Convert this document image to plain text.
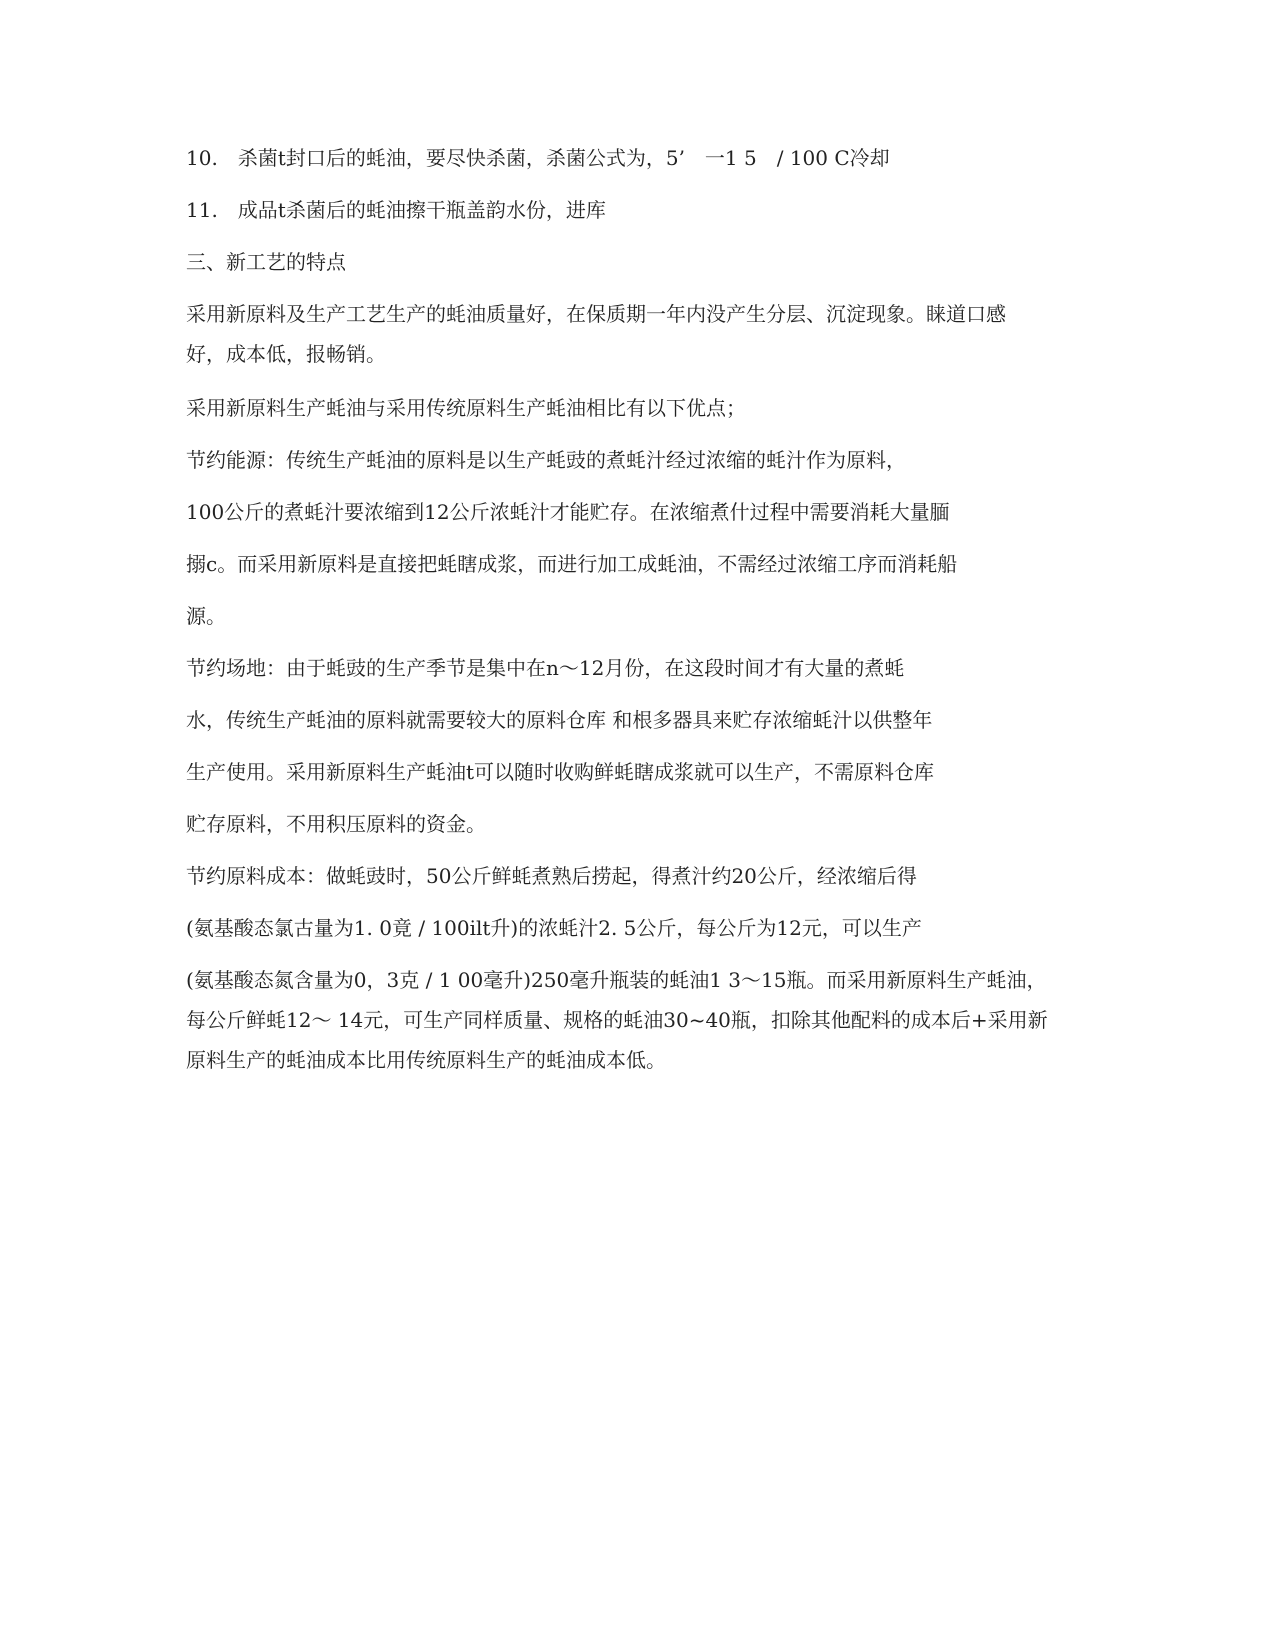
10.　杀菌t封口后的蚝油，要尽快杀菌，杀菌公式为，5’　一1 5　/ 100 C冷却
11.　成品t杀菌后的蚝油擦干瓶盖韵水份，进库
三、新工艺的特点
采用新原料及生产工艺生产的蚝油质量好，在保质期一年内没产生分层、沉淀现象。睐道口感
好，成本低，报畅销。
采用新原料生产蚝油与采用传统原料生产蚝油相比有以下优点；
节约能源：传统生产蚝油的原料是以生产蚝豉的煮蚝汁经过浓缩的蚝汁作为原料，
100公斤的煮蚝汁要浓缩到12公斤浓蚝汁才能贮存。在浓缩煮什过程中需要消耗大量腼
搦c。而采用新原料是直接把蚝瞎成浆，而进行加工成蚝油，不需经过浓缩工序而消耗船
源。
节约场地：由于蚝豉的生产季节是集中在n～12月份，在这段时间才有大量的煮蚝
水，传统生产蚝油的原料就需要较大的原料仓库 和根多器具来贮存浓缩蚝汁以供整年
生产使用。采用新原料生产蚝油t可以随时收购鲜蚝瞎成浆就可以生产，不需原料仓库
贮存原料，不用积压原料的资金。
节约原料成本：做蚝豉时，50公斤鲜蚝煮熟后捞起，得煮汁约20公斤，经浓缩后得
(氨基酸态氯古量为1. 0竟 / 100ilt升)的浓蚝汁2. 5公斤，每公斤为12元，可以生产
(氨基酸态氮含量为0，3克 / 1 00毫升)250毫升瓶装的蚝油1 3～15瓶。而采用新原料生产蚝油，
每公斤鲜蚝12～ 14元，可生产同样质量、规格的蚝油30~40瓶，扣除其他配料的成本后+采用新
原料生产的蚝油成本比用传统原料生产的蚝油成本低。
